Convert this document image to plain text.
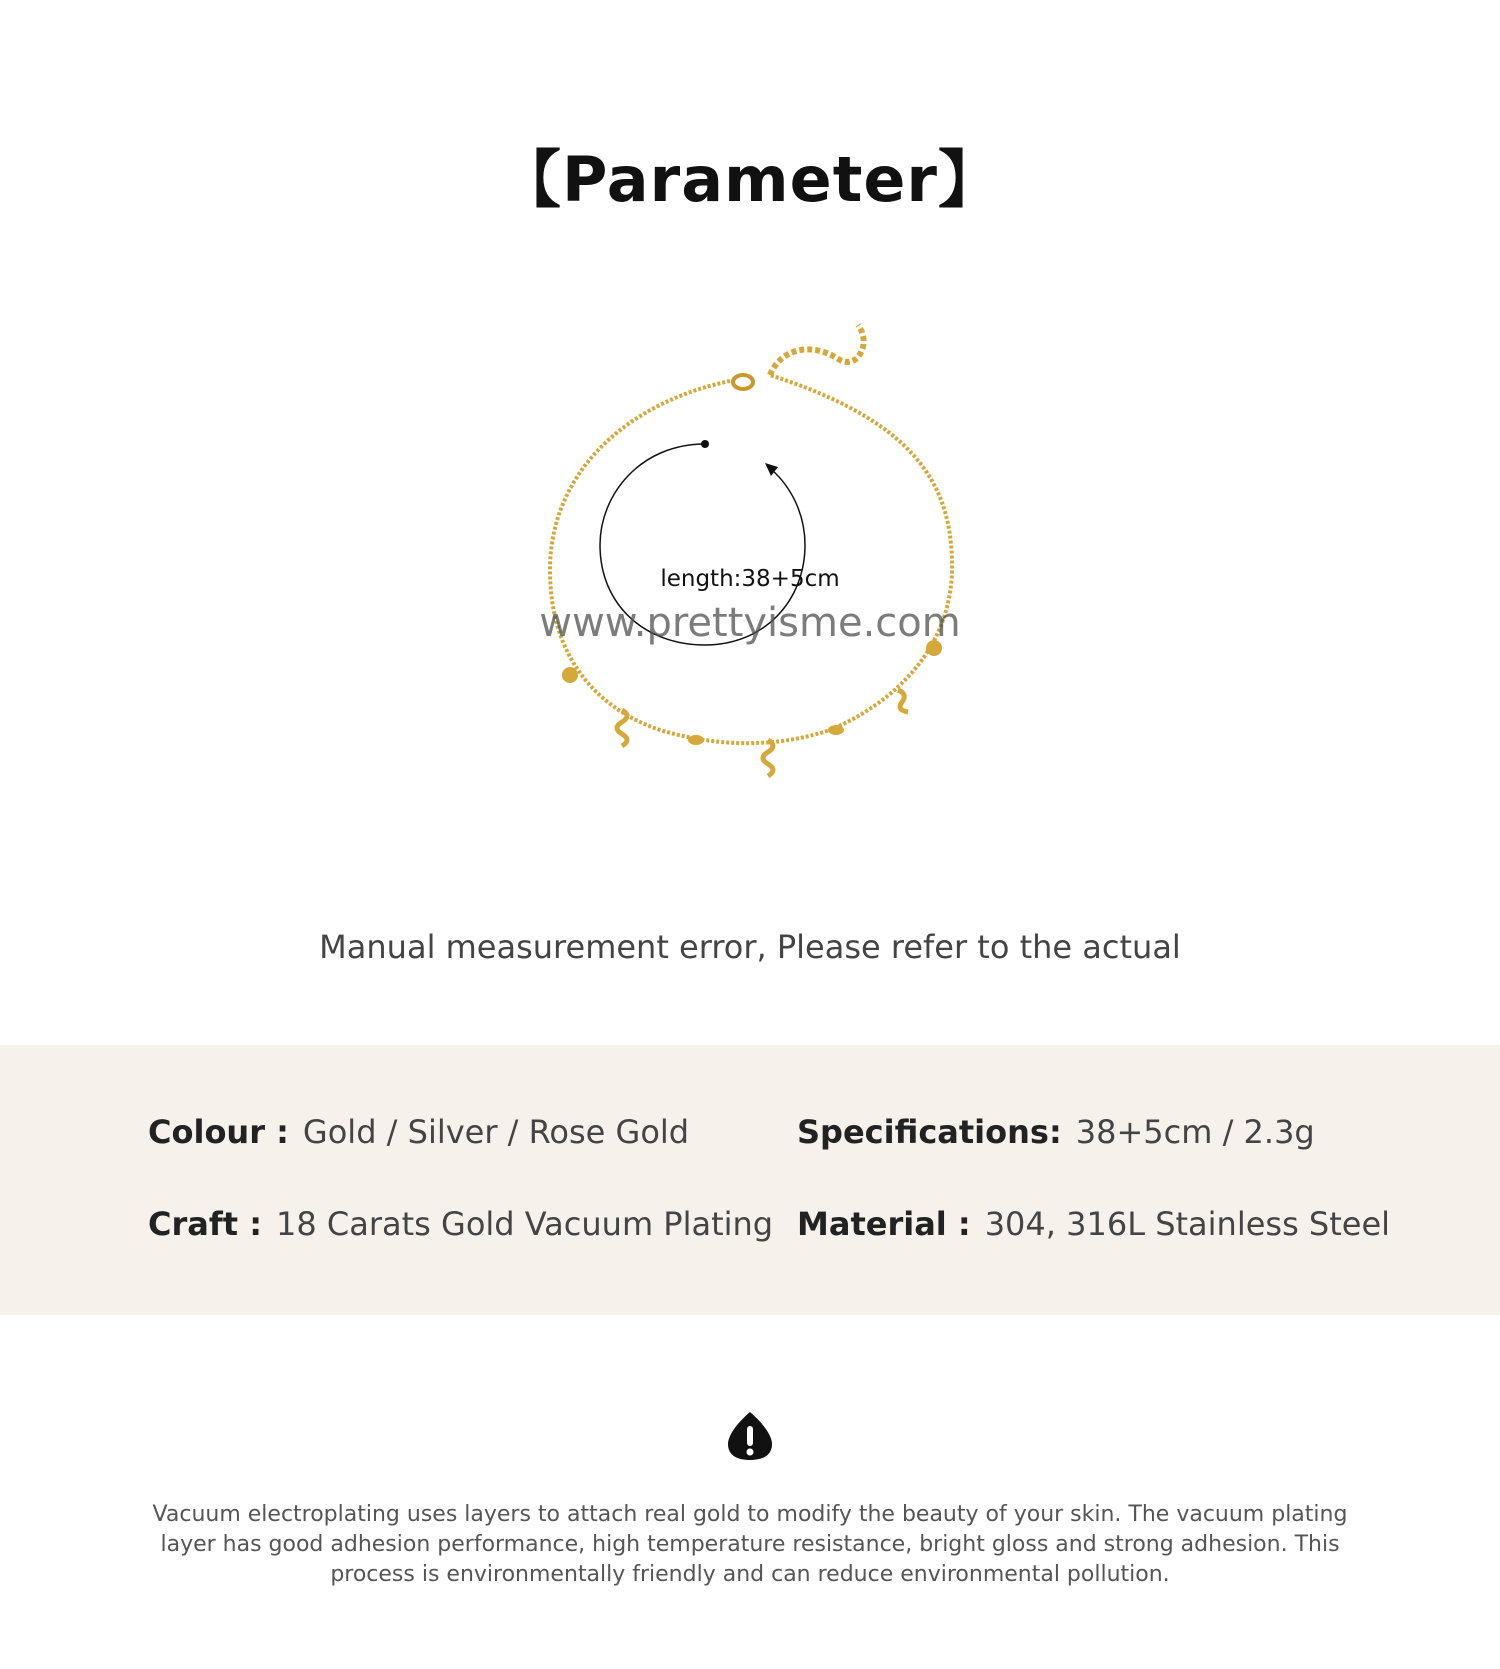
【Parameter】
length:38+5cm
www.prettyisme.com
Manual measurement error, Please refer to the actual
Colour : Gold / Silver / Rose Gold	Specifications: 38+5cm / 2.3g
Craft : 18 Carats Gold Vacuum Plating Material : 304, 316L Stainless Steel
Vacuum electroplating uses layers to attach real gold to modify the beauty of your skin. The vacuum plating layer has good adhesion performance, high temperature resistance, bright gloss and strong adhesion. This process is environmentally friendly and can reduce environmental pollution.
